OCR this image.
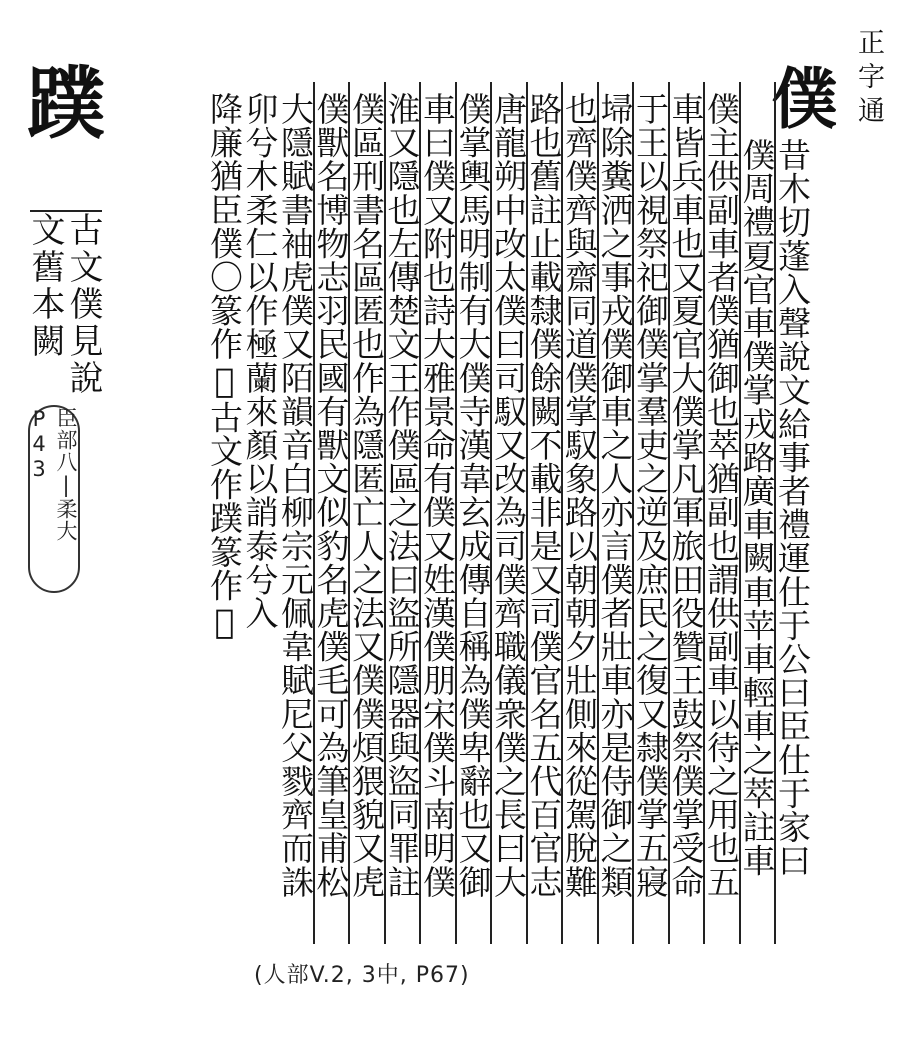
正字通
僕
蹼
昔木切蓬入聲說文給事者禮運仕于公曰臣仕于家曰
僕周禮夏官車僕掌戎路廣車闕車苹車輕車之萃註車
僕主供副車者僕猶御也萃猶副也謂供副車以待之用也五
車皆兵車也又夏官大僕掌凡軍旅田役贊王鼓祭僕掌受命
于王以視祭祀御僕掌羣吏之逆及庶民之復又隸僕掌五寢
埽除糞洒之事戎僕御車之人亦言僕者壯車亦是侍御之類
也齊僕齊與齋同道僕掌馭象路以朝朝夕壯側來從駕脫難
路也舊註止載隸僕餘闕不載非是又司僕官名五代百官志
唐龍朔中改太僕曰司馭又改為司僕齊職儀衆僕之長曰大
僕掌輿馬明制有大僕寺漢韋玄成傳自稱為僕卑辭也又御
車曰僕又附也詩大雅景命有僕又姓漢僕朋宋僕斗南明僕
淮又隱也左傳楚文王作僕區之法曰盜所隱器與盜同罪註
僕區刑書名區匿也作為隱匿亡人之法又僕僕煩猥貌又虎
僕獸名博物志羽民國有獸文似豹名虎僕毛可為筆皇甫松
大隱賦書袖虎僕又陌韻音白柳宗元佩韋賦尼父戮齊而誅
古文僕見說
文舊本闕
臣部八|柔大P43
(人部V.2, 3中, P67)
卯兮木柔仁以作極蘭來顏以誚泰兮入
降廉猶臣僕〇篆作𠈒古文作蹼篆作𠈒
